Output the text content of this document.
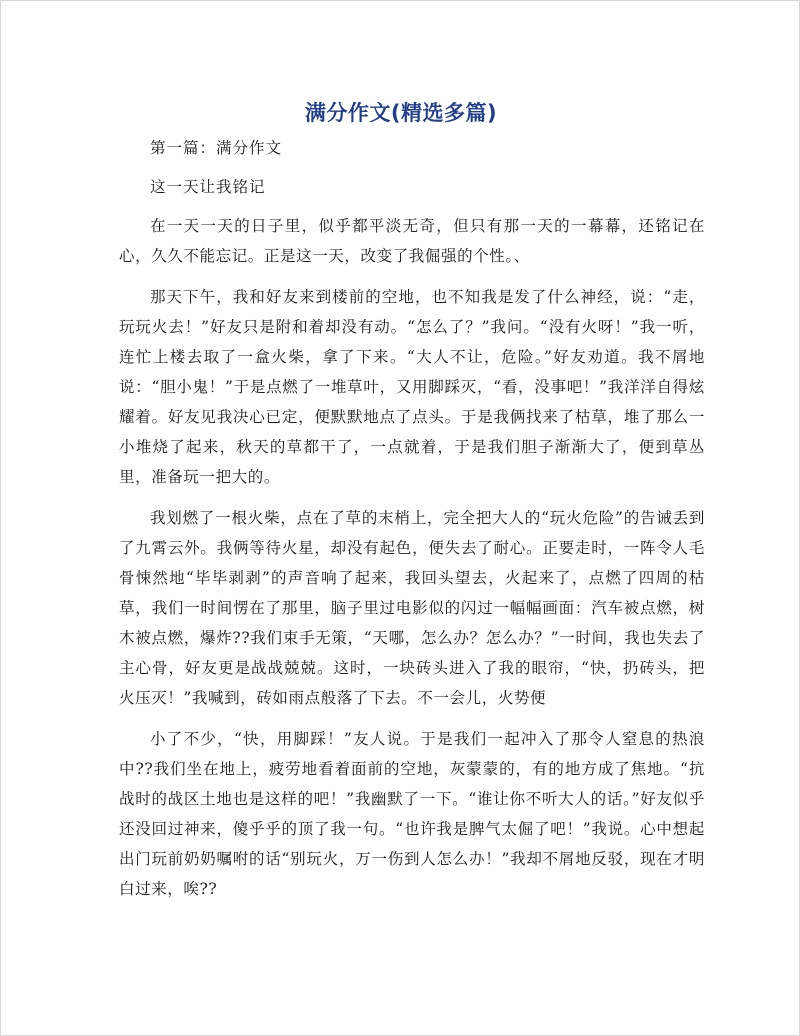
满分作文(精选多篇)

第一篇：满分作文

这一天让我铭记

在一天一天的日子里，似乎都平淡无奇，但只有那一天的一幕幕，还铭记在心，久久不能忘记。正是这一天，改变了我倔强的个性。、

那天下午，我和好友来到楼前的空地，也不知我是发了什么神经，说：“走，玩玩火去！”好友只是附和着却没有动。“怎么了？”我问。“没有火呀！”我一听，连忙上楼去取了一盒火柴，拿了下来。“大人不让，危险。”好友劝道。我不屑地说：“胆小鬼！”于是点燃了一堆草叶，又用脚踩灭，“看，没事吧！”我洋洋自得炫耀着。好友见我决心已定，便默默地点了点头。于是我俩找来了枯草，堆了那么一小堆烧了起来，秋天的草都干了，一点就着，于是我们胆子渐渐大了，便到草丛里，准备玩一把大的。

我划燃了一根火柴，点在了草的末梢上，完全把大人的“玩火危险”的告诫丢到了九霄云外。我俩等待火星，却没有起色，便失去了耐心。正要走时，一阵令人毛骨悚然地“毕毕剥剥”的声音响了起来，我回头望去，火起来了，点燃了四周的枯草，我们一时间愣在了那里，脑子里过电影似的闪过一幅幅画面：汽车被点燃，树木被点燃，爆炸??我们束手无策，“天哪，怎么办？怎么办？”一时间，我也失去了主心骨，好友更是战战兢兢。这时，一块砖头进入了我的眼帘，“快，扔砖头，把火压灭！”我喊到，砖如雨点般落了下去。不一会儿，火势便

小了不少，“快，用脚踩！”友人说。于是我们一起冲入了那令人窒息的热浪中??我们坐在地上，疲劳地看着面前的空地，灰蒙蒙的，有的地方成了焦地。“抗战时的战区土地也是这样的吧！”我幽默了一下。“谁让你不听大人的话。”好友似乎还没回过神来，傻乎乎的顶了我一句。“也许我是脾气太倔了吧！”我说。心中想起出门玩前奶奶嘱咐的话“别玩火，万一伤到人怎么办！”我却不屑地反驳，现在才明白过来，唉??
